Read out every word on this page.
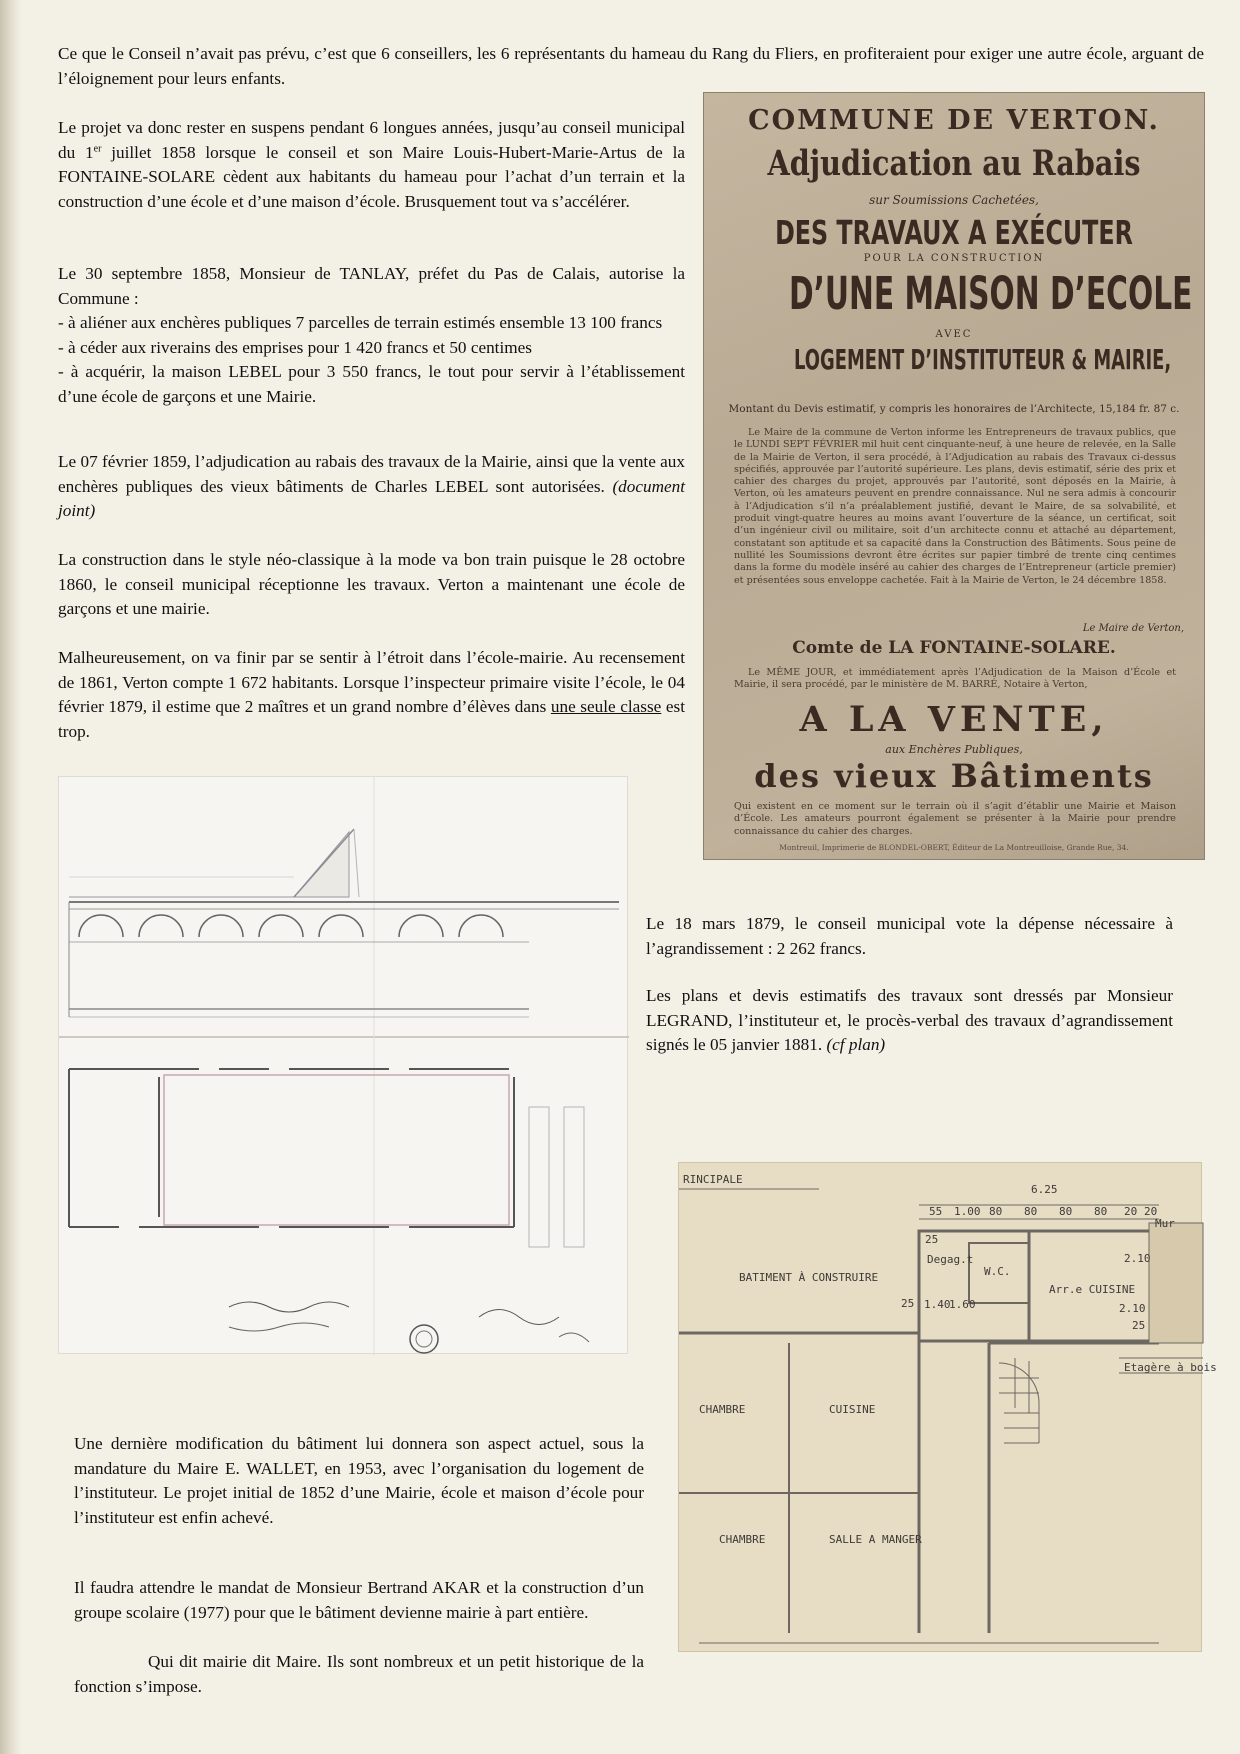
Ce que le Conseil n’avait pas prévu, c’est que 6 conseillers, les 6 représentants du hameau du Rang du Fliers, en profiteraient pour exiger une autre école, arguant de l’éloignement pour leurs enfants.

Le projet va donc rester en suspens pendant 6 longues années, jusqu’au conseil municipal du 1er juillet 1858 lorsque le conseil et son Maire Louis-Hubert-Marie-Artus de la FONTAINE-SOLARE cèdent aux habitants du hameau pour l’achat d’un terrain et la construction d’une école et d’une maison d’école. Brusquement tout va s’accélérer.

Le 30 septembre 1858, Monsieur de TANLAY, préfet du Pas de Calais, autorise la Commune :
- à aliéner aux enchères publiques 7 parcelles de terrain estimés ensemble 13 100 francs
- à céder aux riverains des emprises pour 1 420 francs et 50 centimes
- à acquérir, la maison LEBEL pour 3 550 francs, le tout pour servir à l’établissement d’une école de garçons et une Mairie.

Le 07 février 1859, l’adjudication au rabais des travaux de la Mairie, ainsi que la vente aux enchères publiques des vieux bâtiments de Charles LEBEL sont autorisées. (document joint)

La construction dans le style néo-classique à la mode va bon train puisque le 28 octobre 1860, le conseil municipal réceptionne les travaux. Verton a maintenant une école de garçons et une mairie.

Malheureusement, on va finir par se sentir à l’étroit dans l’école-mairie. Au recensement de 1861, Verton compte 1 672 habitants. Lorsque l’inspecteur primaire visite l’école, le 04 février 1879, il estime que 2 maîtres et un grand nombre d’élèves dans une seule classe est trop.

COMMUNE DE VERTON.
Adjudication au Rabais
sur Soumissions Cachetées,
DES TRAVAUX A EXÉCUTER
POUR LA CONSTRUCTION
D’UNE MAISON D’ECOLE
AVEC
LOGEMENT D’INSTITUTEUR & MAIRIE,
Montant du Devis estimatif, y compris les honoraires de l’Architecte, 15,184 fr. 87 c.
Le Maire de la commune de Verton informe les Entrepreneurs de travaux publics, que le LUNDI SEPT FÉVRIER mil huit cent cinquante-neuf, à une heure de relevée, en la Salle de la Mairie de Verton, il sera procédé, à l’Adjudication au rabais des Travaux ci-dessus spécifiés, approuvée par l’autorité supérieure. Les plans, devis estimatif, série des prix et cahier des charges du projet, approuvés par l’autorité, sont déposés en la Mairie, à Verton, où les amateurs peuvent en prendre connaissance. Nul ne sera admis à concourir à l’Adjudication s’il n’a préalablement justifié, devant le Maire, de sa solvabilité, et produit vingt-quatre heures au moins avant l’ouverture de la séance, un certificat, soit d’un ingénieur civil ou militaire, soit d’un architecte connu et attaché au département, constatant son aptitude et sa capacité dans la Construction des Bâtiments. Sous peine de nullité les Soumissions devront être écrites sur papier timbré de trente cinq centimes dans la forme du modèle inséré au cahier des charges de l’Entrepreneur (article premier) et présentées sous enveloppe cachetée. Fait à la Mairie de Verton, le 24 décembre 1858.
Le Maire de Verton,
Comte de LA FONTAINE-SOLARE.
Le MÊME JOUR, et immédiatement après l’Adjudication de la Maison d’École et Mairie, il sera procédé, par le ministère de M. BARRÉ, Notaire à Verton,
A LA VENTE,
aux Enchères Publiques,
des vieux Bâtiments
Qui existent en ce moment sur le terrain où il s’agit d’établir une Mairie et Maison d’École. Les amateurs pourront également se présenter à la Mairie pour prendre connaissance du cahier des charges.
Montreuil, Imprimerie de BLONDEL-OBERT, Éditeur de La Montreuilloise, Grande Rue, 34.

Le 18 mars 1879, le conseil municipal vote la dépense nécessaire à l’agrandissement : 2 262 francs.

Les plans et devis estimatifs des travaux sont dressés par Monsieur LEGRAND, l’instituteur et, le procès-verbal des travaux d’agrandissement signés le 05 janvier 1881. (cf plan)

RINCIPALE
6.25
55 1.00 80 80 80 80 20 20
BATIMENT À CONSTRUIRE	W.C.
Degag.t
Arr.e CUISINE
Mur
2.10
2.10
1.40
1.60
25
25
25
Etagère à bois
CHAMBRE	CUISINE
CHAMBRE	SALLE A MANGER

Une dernière modification du bâtiment lui donnera son aspect actuel, sous la mandature du Maire E. WALLET, en 1953, avec l’organisation du logement de l’instituteur. Le projet initial de 1852 d’une Mairie, école et maison d’école pour l’instituteur est enfin achevé.

Il faudra attendre le mandat de Monsieur Bertrand AKAR et la construction d’un groupe scolaire (1977) pour que le bâtiment devienne mairie à part entière.

Qui dit mairie dit Maire. Ils sont nombreux et un petit historique de la fonction s’impose.
